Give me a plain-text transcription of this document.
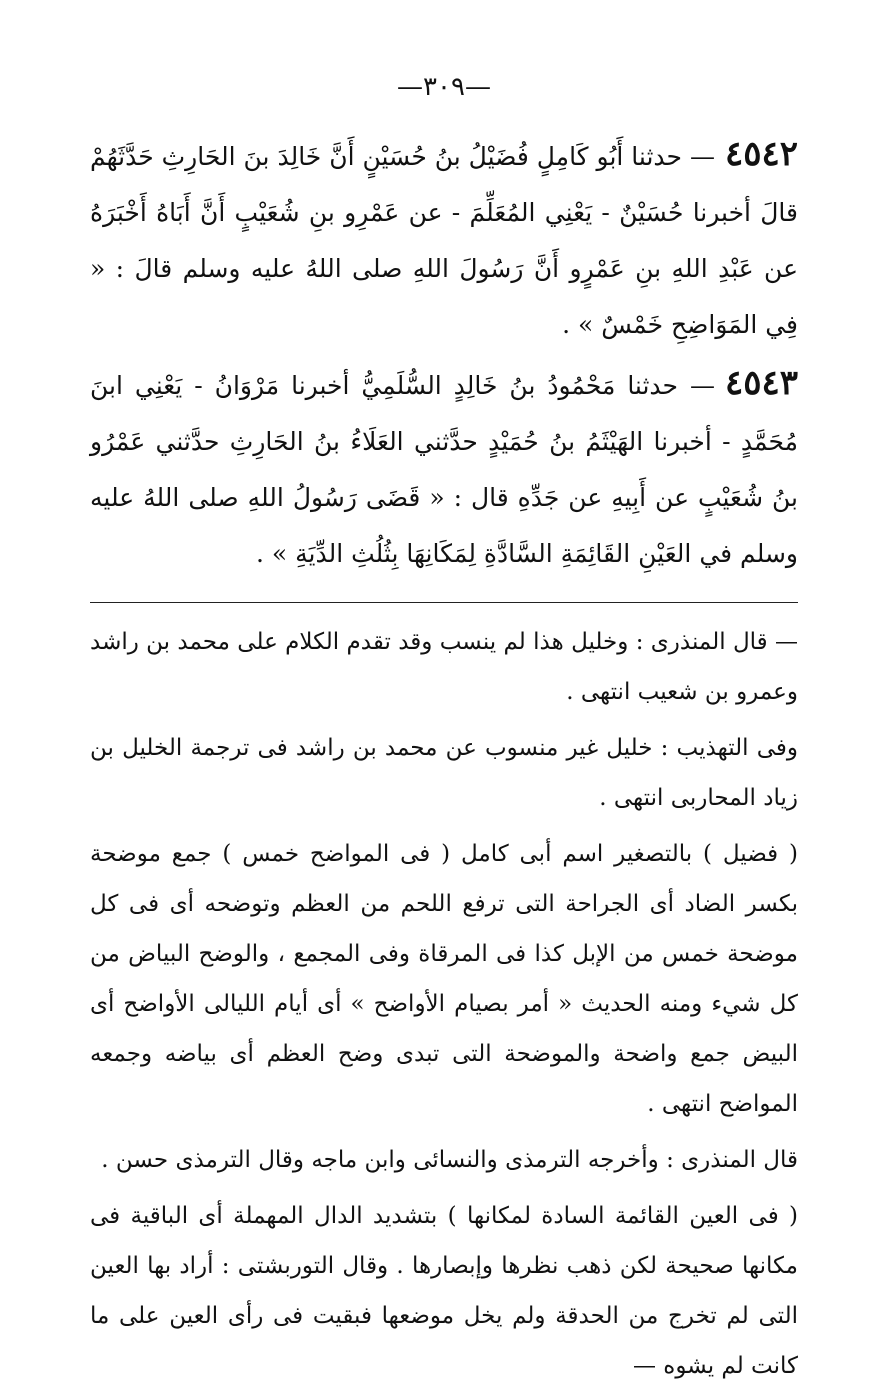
—٣٠٩—

٤٥٤٢— حدثنا أَبُو كَامِلٍ فُضَيْلُ بنُ حُسَيْنٍ أَنَّ خَالِدَ بنَ الحَارِثِ حَدَّثَهُمْ قالَ أخبرنا حُسَيْنٌ - يَعْنِي المُعَلِّمَ - عن عَمْرِو بنِ شُعَيْبٍ أَنَّ أَبَاهُ أَخْبَرَهُ عن عَبْدِ اللهِ بنِ عَمْرٍو أَنَّ رَسُولَ اللهِ صلى اللهُ عليه وسلم قالَ : « فِي المَوَاضِحِ خَمْسٌ » .

٤٥٤٣— حدثنا مَحْمُودُ بنُ خَالِدٍ السُّلَمِيُّ أخبرنا مَرْوَانُ - يَعْنِي ابنَ مُحَمَّدٍ - أخبرنا الهَيْثَمُ بنُ حُمَيْدٍ حدَّثني العَلَاءُ بنُ الحَارِثِ حدَّثني عَمْرُو بنُ شُعَيْبٍ عن أَبِيهِ عن جَدِّهِ قال : « قَضَى رَسُولُ اللهِ صلى اللهُ عليه وسلم في العَيْنِ القَائِمَةِ السَّادَّةِ لِمَكَانِهَا بِثُلُثِ الدِّيَةِ » .

— قال المنذرى : وخليل هذا لم ينسب وقد تقدم الكلام على محمد بن راشد وعمرو بن شعيب انتهى .

وفى التهذيب : خليل غير منسوب عن محمد بن راشد فى ترجمة الخليل بن زياد المحاربى انتهى .

( فضيل ) بالتصغير اسم أبى كامل ( فى المواضح خمس ) جمع موضحة بكسر الضاد أى الجراحة التى ترفع اللحم من العظم وتوضحه أى فى كل موضحة خمس من الإبل كذا فى المرقاة وفى المجمع ، والوضح البياض من كل شيء ومنه الحديث « أمر بصيام الأواضح » أى أيام الليالى الأواضح أى البيض جمع واضحة والموضحة التى تبدى وضح العظم أى بياضه وجمعه المواضح انتهى .

قال المنذرى : وأخرجه الترمذى والنسائى وابن ماجه وقال الترمذى حسن .

( فى العين القائمة السادة لمكانها ) بتشديد الدال المهملة أى الباقية فى مكانها صحيحة لكن ذهب نظرها وإبصارها . وقال التوربشتى : أراد بها العين التى لم تخرج من الحدقة ولم يخل موضعها فبقيت فى رأى العين على ما كانت لم يشوه —
